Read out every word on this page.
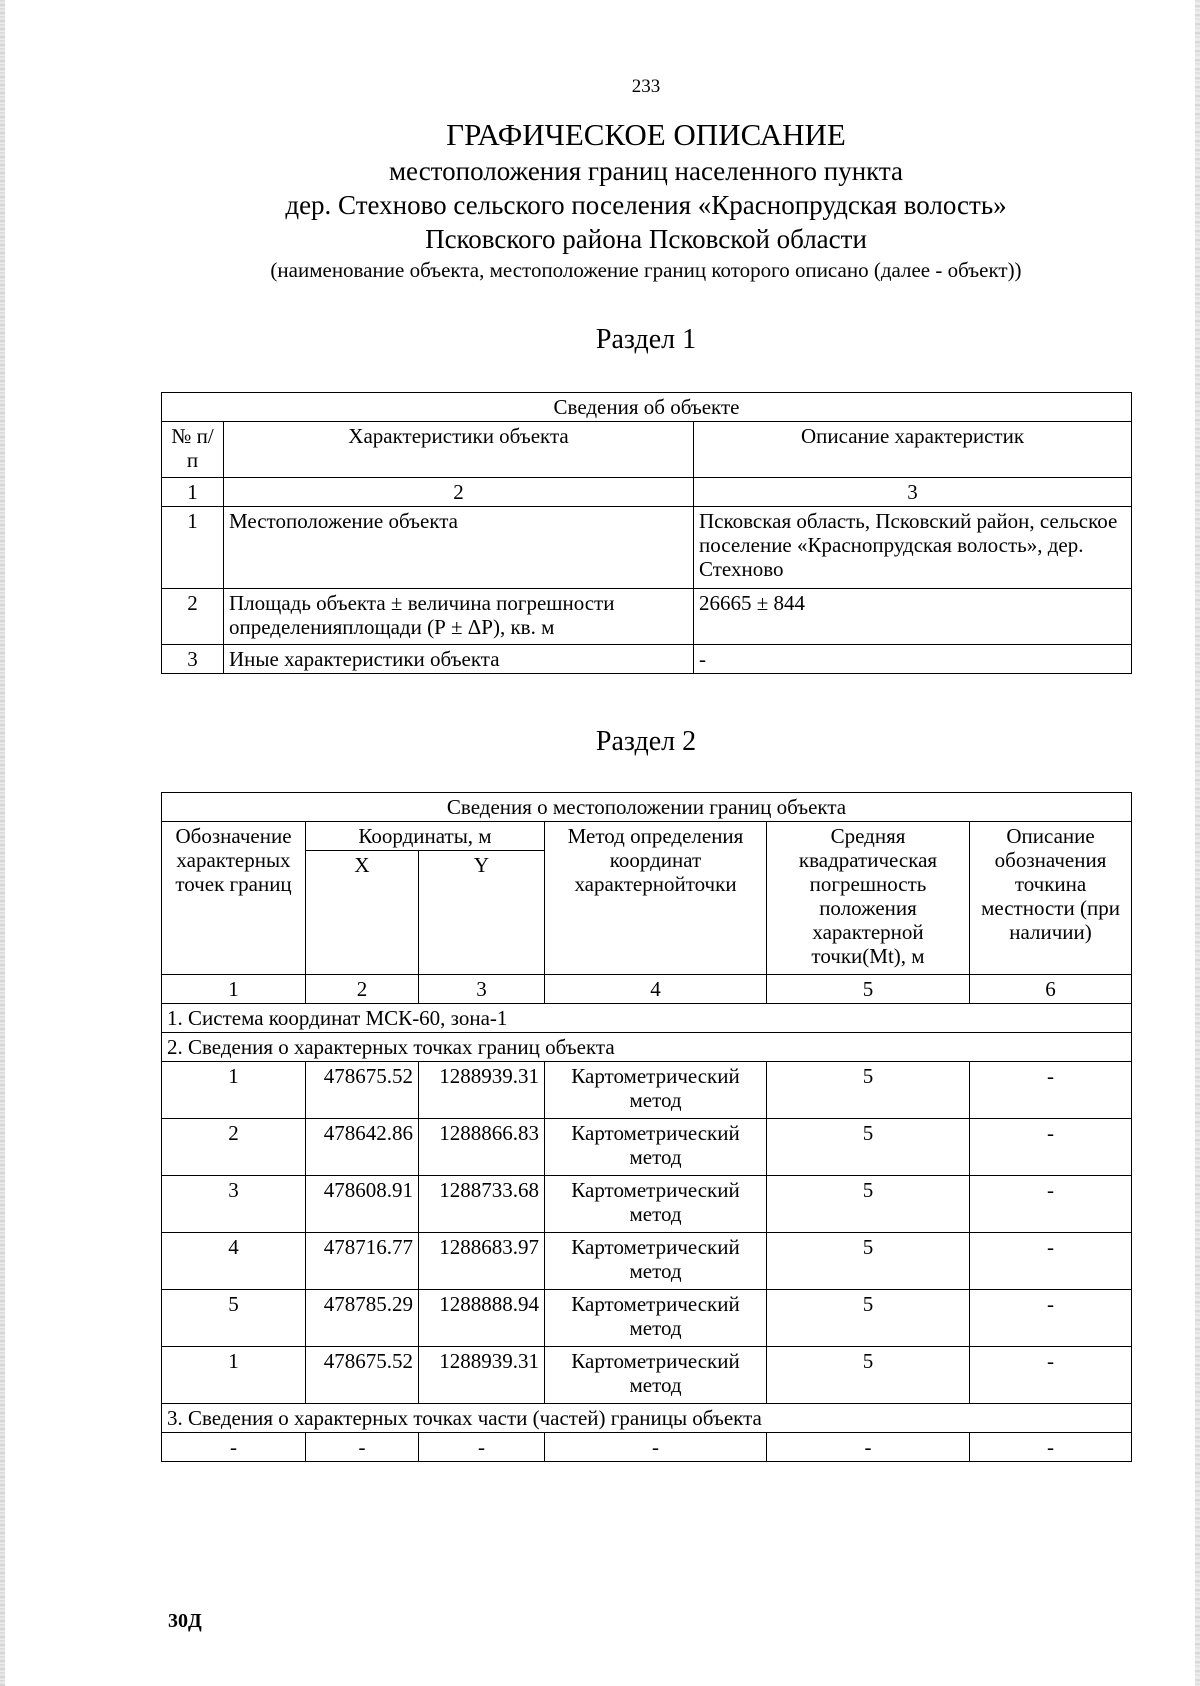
233
ГРАФИЧЕСКОЕ ОПИСАНИЕ
местоположения границ населенного пункта
дер. Стехново сельского поселения «Краснопрудская волость»
Псковского района Псковской области
(наименование объекта, местоположение границ которого описано (далее - объект))
Раздел 1
Сведения об объекте		
№ п/п	Характеристики объекта	Описание характеристик
1	2	3
1	Местоположение объекта	Псковская область, Псковский район, сельское поселение «Краснопрудская волость», дер. Стехново
2	Площадь объекта ± величина погрешности определенияплощади (Р ± ΔР), кв. м	26665 ± 844
3	Иные характеристики объекта	-
Раздел 2
Сведения о местоположении границ объекта					
Обозначение характерных точек границ	Координаты, м		Метод определения координат характернойточки	Средняя квадратическая погрешность положения характерной точки(Mt), м	Описание обозначения точкина местности (при наличии)
	X	Y			
1	2	3	4	5	6
1. Система координат МСК-60, зона-1					
2. Сведения о характерных точках границ объекта					
1	478675.52	1288939.31	Картометрический метод	5	-
2	478642.86	1288866.83	Картометрический метод	5	-
3	478608.91	1288733.68	Картометрический метод	5	-
4	478716.77	1288683.97	Картометрический метод	5	-
5	478785.29	1288888.94	Картометрический метод	5	-
1	478675.52	1288939.31	Картометрический метод	5	-
3. Сведения о характерных точках части (частей) границы объекта					
-	-	-	-	-	-
30Д
